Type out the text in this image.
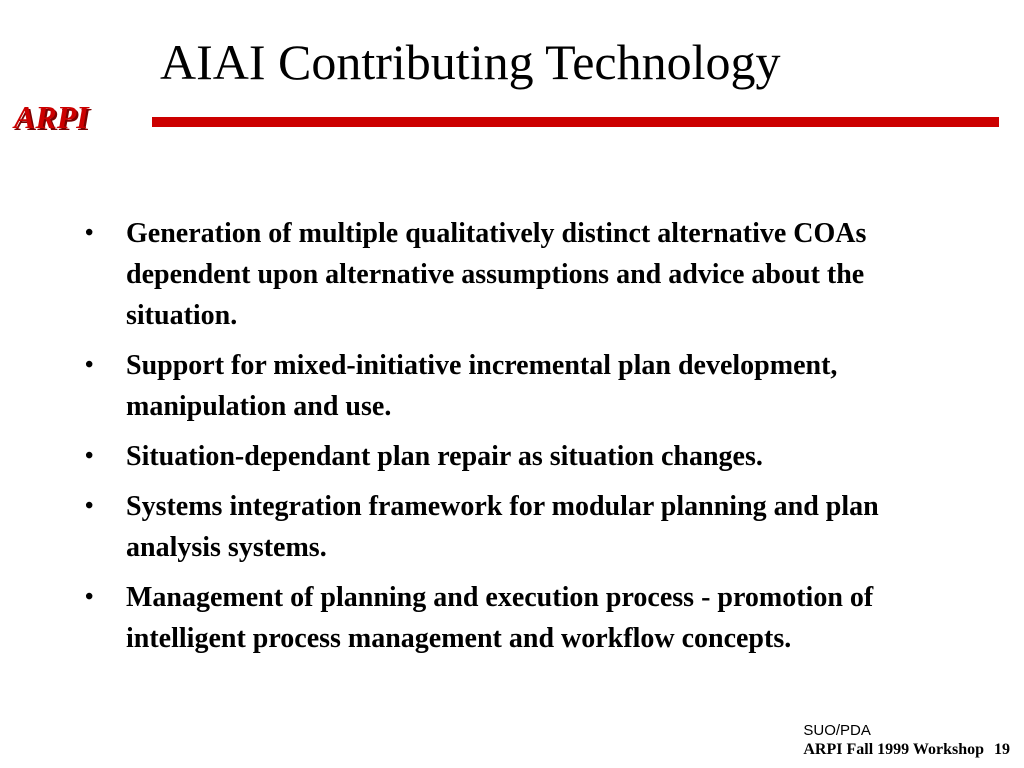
AIAI Contributing Technology
ARPI
•	Generation of multiple qualitatively distinct alternative COAs dependent upon alternative assumptions and advice about the situation.
•	Support for mixed-initiative incremental plan development, manipulation and use.
•	Situation-dependant plan repair as situation changes.
•	Systems integration framework for modular planning and plan analysis systems.
•	Management of planning and execution process - promotion of intelligent process management and workflow concepts.
SUO/PDA
ARPI Fall 1999 Workshop 19
